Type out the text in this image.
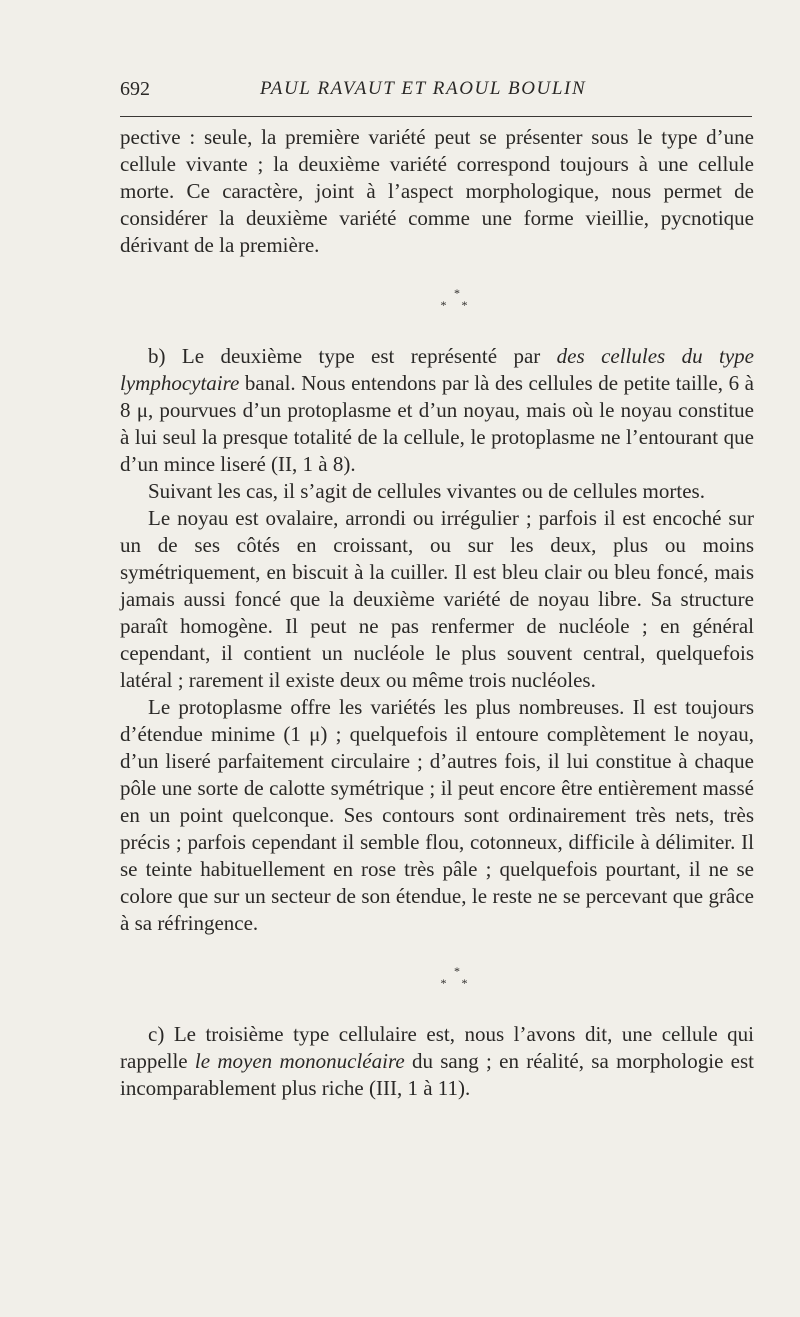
692	PAUL RAVAUT ET RAOUL BOULIN

pective : seule, la première variété peut se présenter sous le type d’une cellule vivante ; la deuxième variété correspond toujours à une cellule morte. Ce caractère, joint à l’aspect morphologique, nous permet de considérer la deuxième variété comme une forme vieillie, pycnotique dérivant de la première.

*
* *

b) Le deuxième type est représenté par des cellules du type lymphocytaire banal. Nous entendons par là des cellules de petite taille, 6 à 8 μ, pourvues d’un protoplasme et d’un noyau, mais où le noyau constitue à lui seul la presque totalité de la cellule, le protoplasme ne l’entourant que d’un mince liseré (II, 1 à 8).

Suivant les cas, il s’agit de cellules vivantes ou de cellules mortes.

Le noyau est ovalaire, arrondi ou irrégulier ; parfois il est encoché sur un de ses côtés en croissant, ou sur les deux, plus ou moins symétriquement, en biscuit à la cuiller. Il est bleu clair ou bleu foncé, mais jamais aussi foncé que la deuxième variété de noyau libre. Sa structure paraît homogène. Il peut ne pas renfermer de nucléole ; en général cependant, il contient un nucléole le plus souvent central, quelquefois latéral ; rarement il existe deux ou même trois nucléoles.

Le protoplasme offre les variétés les plus nombreuses. Il est toujours d’étendue minime (1 μ) ; quelquefois il entoure complètement le noyau, d’un liseré parfaitement circulaire ; d’autres fois, il lui constitue à chaque pôle une sorte de calotte symétrique ; il peut encore être entièrement massé en un point quelconque. Ses contours sont ordinairement très nets, très précis ; parfois cependant il semble flou, cotonneux, difficile à délimiter. Il se teinte habituellement en rose très pâle ; quelquefois pourtant, il ne se colore que sur un secteur de son étendue, le reste ne se percevant que grâce à sa réfringence.

*
* *

c) Le troisième type cellulaire est, nous l’avons dit, une cellule qui rappelle le moyen mononucléaire du sang ; en réalité, sa morphologie est incomparablement plus riche (III, 1 à 11).
